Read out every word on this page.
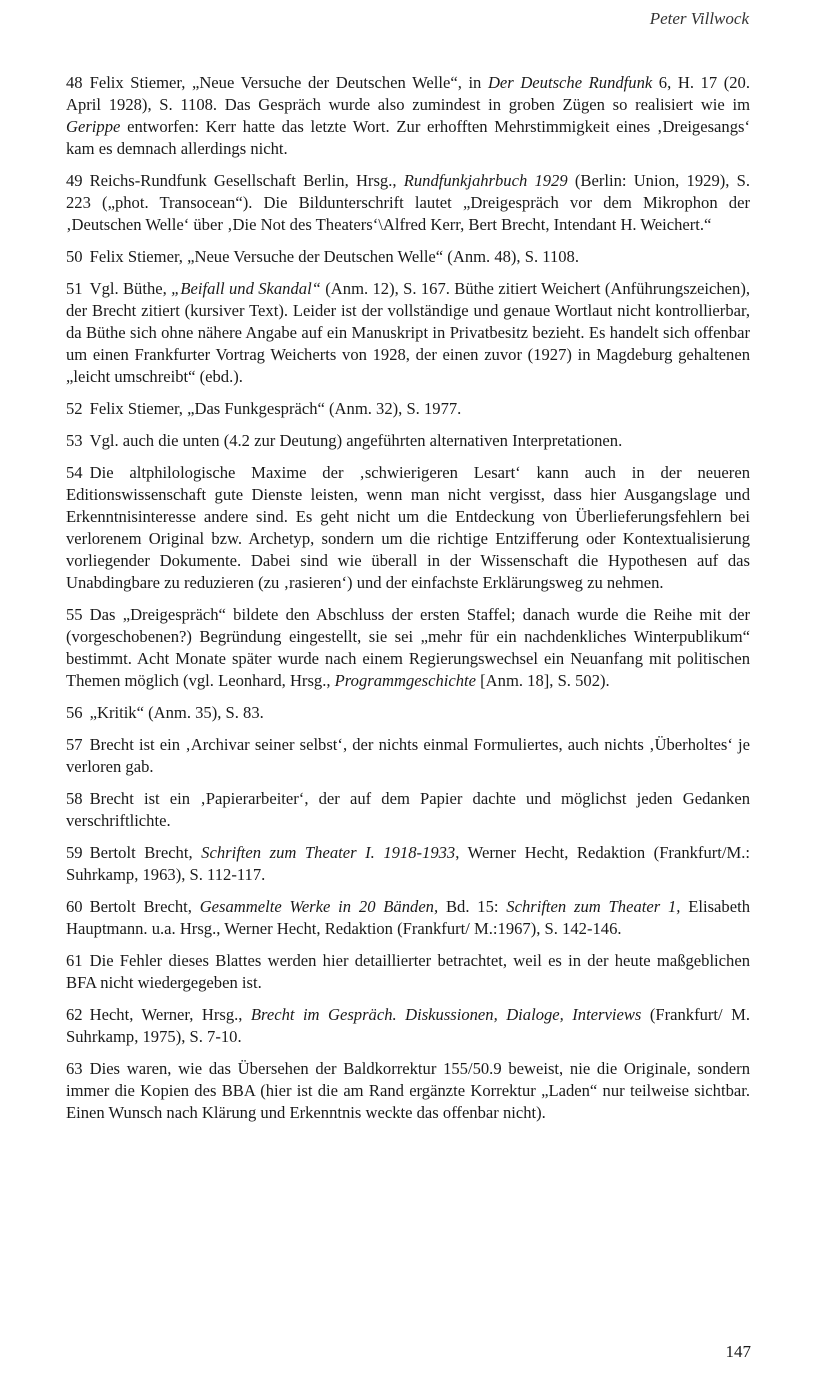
Peter Villwock

48 Felix Stiemer, „Neue Versuche der Deutschen Welle“, in Der Deutsche Rundfunk 6, H. 17 (20. April 1928), S. 1108. Das Gespräch wurde also zumindest in groben Zügen so realisiert wie im Gerippe entworfen: Kerr hatte das letzte Wort. Zur erhofften Mehrstimmigkeit eines ‚Dreigesangs‘ kam es demnach allerdings nicht.

49 Reichs-Rundfunk Gesellschaft Berlin, Hrsg., Rundfunkjahrbuch 1929 (Berlin: Union, 1929), S. 223 („phot. Transocean“). Die Bildunterschrift lautet „Dreigespräch vor dem Mikrophon der ‚Deutschen Welle‘ über ‚Die Not des Theaters‘\Alfred Kerr, Bert Brecht, Intendant H. Weichert.“

50 Felix Stiemer, „Neue Versuche der Deutschen Welle“ (Anm. 48), S. 1108.

51 Vgl. Büthe, „Beifall und Skandal“ (Anm. 12), S. 167. Büthe zitiert Weichert (Anführungszeichen), der Brecht zitiert (kursiver Text). Leider ist der vollständige und genaue Wortlaut nicht kontrollierbar, da Büthe sich ohne nähere Angabe auf ein Manuskript in Privatbesitz bezieht. Es handelt sich offenbar um einen Frankfurter Vortrag Weicherts von 1928, der einen zuvor (1927) in Magdeburg gehaltenen „leicht umschreibt“ (ebd.).

52 Felix Stiemer, „Das Funkgespräch“ (Anm. 32), S. 1977.

53 Vgl. auch die unten (4.2 zur Deutung) angeführten alternativen Interpretationen.

54 Die altphilologische Maxime der ‚schwierigeren Lesart‘ kann auch in der neueren Editionswissenschaft gute Dienste leisten, wenn man nicht vergisst, dass hier Ausgangslage und Erkenntnisinteresse andere sind. Es geht nicht um die Entdeckung von Überlieferungsfehlern bei verlorenem Original bzw. Archetyp, sondern um die richtige Entzifferung oder Kontextualisierung vorliegender Dokumente. Dabei sind wie überall in der Wissenschaft die Hypothesen auf das Unabdingbare zu reduzieren (zu ‚rasieren‘) und der einfachste Erklärungsweg zu nehmen.

55 Das „Dreigespräch“ bildete den Abschluss der ersten Staffel; danach wurde die Reihe mit der (vorgeschobenen?) Begründung eingestellt, sie sei „mehr für ein nachdenkliches Winterpublikum“ bestimmt. Acht Monate später wurde nach einem Regierungswechsel ein Neuanfang mit politischen Themen möglich (vgl. Leonhard, Hrsg., Programmgeschichte [Anm. 18], S. 502).

56 „Kritik“ (Anm. 35), S. 83.

57 Brecht ist ein ‚Archivar seiner selbst‘, der nichts einmal Formuliertes, auch nichts ‚Überholtes‘ je verloren gab.

58 Brecht ist ein ‚Papierarbeiter‘, der auf dem Papier dachte und möglichst jeden Gedanken verschriftlichte.

59 Bertolt Brecht, Schriften zum Theater I. 1918-1933, Werner Hecht, Redaktion (Frankfurt/M.: Suhrkamp, 1963), S. 112-117.

60 Bertolt Brecht, Gesammelte Werke in 20 Bänden, Bd. 15: Schriften zum Theater 1, Elisabeth Hauptmann. u.a. Hrsg., Werner Hecht, Redaktion (Frankfurt/ M.:1967), S. 142-146.

61 Die Fehler dieses Blattes werden hier detaillierter betrachtet, weil es in der heute maßgeblichen BFA nicht wiedergegeben ist.

62 Hecht, Werner, Hrsg., Brecht im Gespräch. Diskussionen, Dialoge, Interviews (Frankfurt/ M. Suhrkamp, 1975), S. 7-10.

63 Dies waren, wie das Übersehen der Baldkorrektur 155/50.9 beweist, nie die Originale, sondern immer die Kopien des BBA (hier ist die am Rand ergänzte Korrektur „Laden“ nur teilweise sichtbar. Einen Wunsch nach Klärung und Erkenntnis weckte das offenbar nicht).

147
